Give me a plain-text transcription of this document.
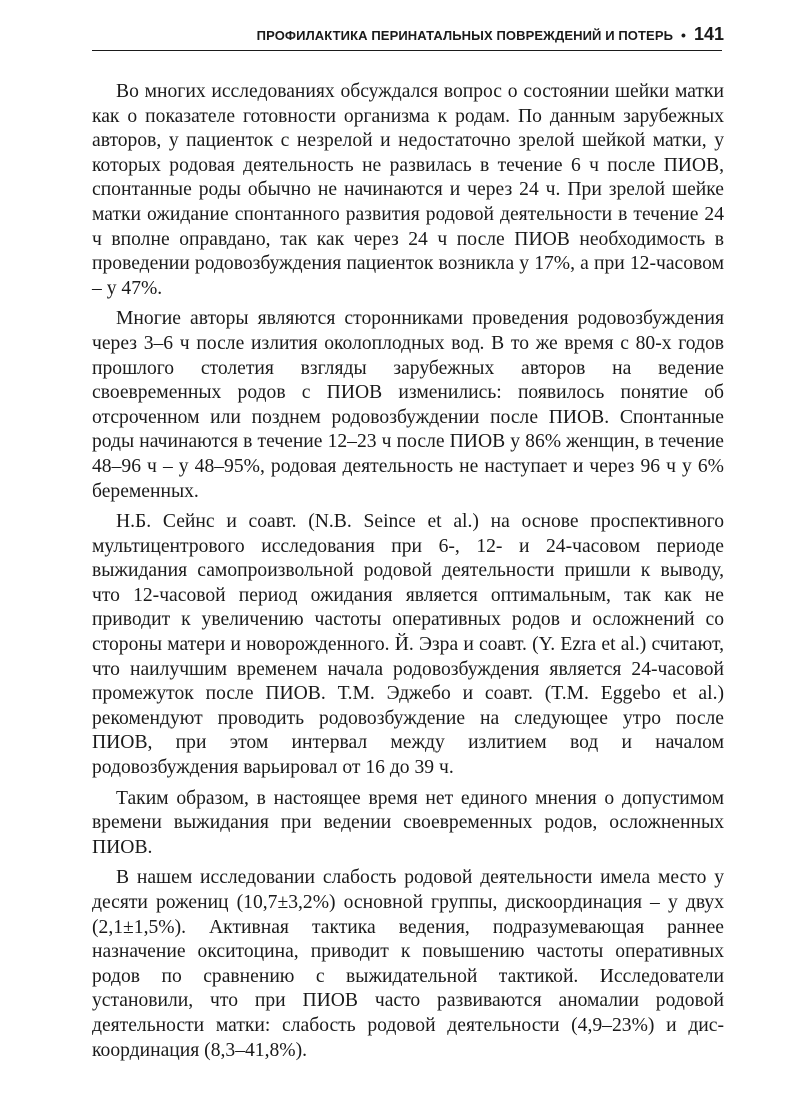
ПРОФИЛАКТИКА ПЕРИНАТАЛЬНЫХ ПОВРЕЖДЕНИЙ И ПОТЕРЬ • 141

Во многих исследованиях обсуждался вопрос о состоянии шейки матки как о показателе готовности организма к родам. По данным зарубежных авторов, у пациенток с незрелой и недостаточно зрелой шейкой матки, у которых родовая деятельность не развилась в течение 6 ч после ПИОВ, спонтанные роды обычно не начинаются и через 24 ч. При зрелой шейке матки ожидание спонтанного развития родовой деятельности в течение 24 ч вполне оправдано, так как через 24 ч после ПИОВ необходимость в проведении родовозбуждения пациенток возникла у 17%, а при 12-часовом – у 47%.

Многие авторы являются сторонниками проведения родовозбуждения через 3–6 ч после излития околоплодных вод. В то же время с 80-х годов прошлого столетия взгляды зарубежных авторов на ведение своевременных родов с ПИОВ изменились: появилось понятие об отсроченном или позднем родовозбуждении после ПИОВ. Спонтанные роды начинаются в течение 12–23 ч после ПИОВ у 86% женщин, в течение 48–96 ч – у 48–95%, родовая деятельность не наступает и через 96 ч у 6% беременных.

Н.Б. Сейнс и соавт. (N.B. Seince et al.) на основе проспективного мультицентрового исследования при 6-, 12- и 24-часовом периоде выжидания самопроизвольной родовой деятельности пришли к выводу, что 12-часовой период ожидания является оптимальным, так как не приводит к увеличению частоты оперативных родов и осложнений со стороны матери и новорожденного. Й. Эзра и соавт. (Y. Ezra et al.) считают, что наилучшим временем начала родовозбуждения является 24-часовой промежуток после ПИОВ. Т.М. Эджебо и соавт. (T.M. Eggebo et al.) рекомендуют проводить родовозбуждение на следующее утро после ПИОВ, при этом интервал между излитием вод и началом родовозбуждения варьировал от 16 до 39 ч.

Таким образом, в настоящее время нет единого мнения о допустимом времени выжидания при ведении своевременных родов, осложненных ПИОВ.

В нашем исследовании слабость родовой деятельности имела место у десяти рожениц (10,7±3,2%) основной группы, дискоординация – у двух (2,1±1,5%). Активная тактика ведения, подразумевающая раннее назначение окситоцина, приводит к повышению частоты оперативных родов по сравнению с выжидательной тактикой. Исследователи установили, что при ПИОВ часто развиваются аномалии родовой деятельности матки: слабость родовой деятельности (4,9–23%) и дискоординация (8,3–41,8%).
